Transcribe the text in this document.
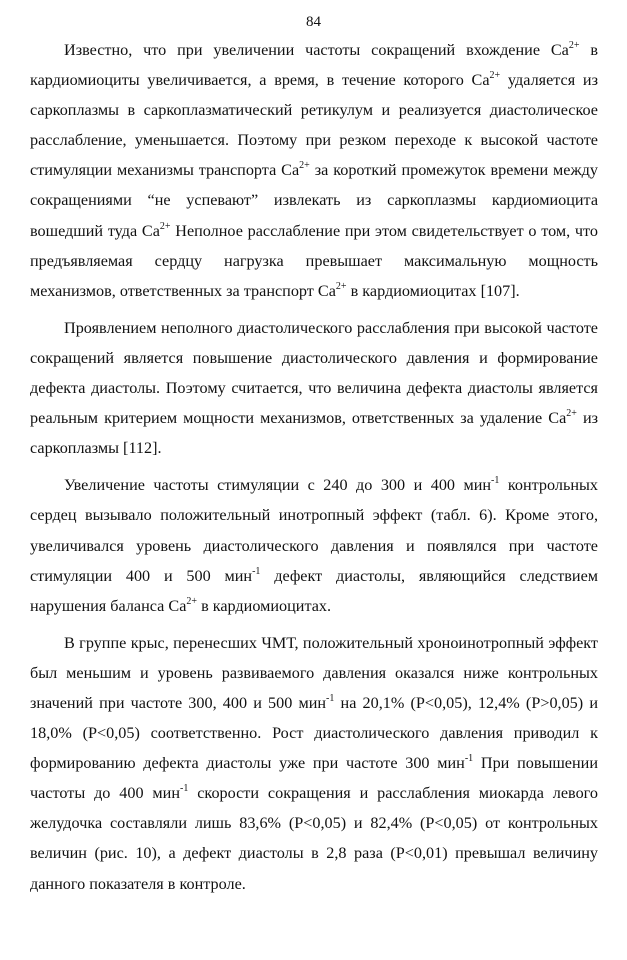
84

Известно, что при увеличении частоты сокращений вхождение $Са^{2+}$ в кардиомиоциты увеличивается, а время, в течение которого $Са^{2+}$ удаляется из саркоплазмы в саркоплазматический ретикулум и реализуется диастолическое расслабление, уменьшается. Поэтому при резком переходе к высокой частоте стимуляции механизмы транспорта $Са^{2+}$ за короткий промежуток времени между сокращениями “не успевают” извлекать из саркоплазмы кардиомиоцита вошедший туда $Са^{2+}$ Неполное расслабление при этом свидетельствует о том, что предъявляемая сердцу нагрузка превышает максимальную мощность механизмов, ответственных за транспорт $Са^{2+}$ в кардиомиоцитах [107].

Проявлением неполного диастолического расслабления при высокой частоте сокращений является повышение диастолического давления и формирование дефекта диастолы. Поэтому считается, что величина дефекта диастолы является реальным критерием мощности механизмов, ответственных за удаление $Са^{2+}$ из саркоплазмы [112].

Увеличение частоты стимуляции с 240 до 300 и 400 мин$^{-1}$ контрольных сердец вызывало положительный инотропный эффект (табл. 6). Кроме этого, увеличивался уровень диастолического давления и появлялся при частоте стимуляции 400 и 500 мин$^{-1}$ дефект диастолы, являющийся следствием нарушения баланса $Са^{2+}$ в кардиомиоцитах.

В группе крыс, перенесших ЧМТ, положительный хроноинотропный эффект был меньшим и уровень развиваемого давления оказался ниже контрольных значений при частоте 300, 400 и 500 мин$^{-1}$ на 20,1% (Р<0,05), 12,4% (Р>0,05) и 18,0% (Р<0,05) соответственно. Рост диастолического давления приводил к формированию дефекта диастолы уже при частоте 300 мин$^{-1}$ При повышении частоты до 400 мин$^{-1}$ скорости сокращения и расслабления миокарда левого желудочка составляли лишь 83,6% (Р<0,05) и 82,4% (Р<0,05) от контрольных величин (рис. 10), а дефект диастолы в 2,8 раза (Р<0,01) превышал величину данного показателя в контроле.
